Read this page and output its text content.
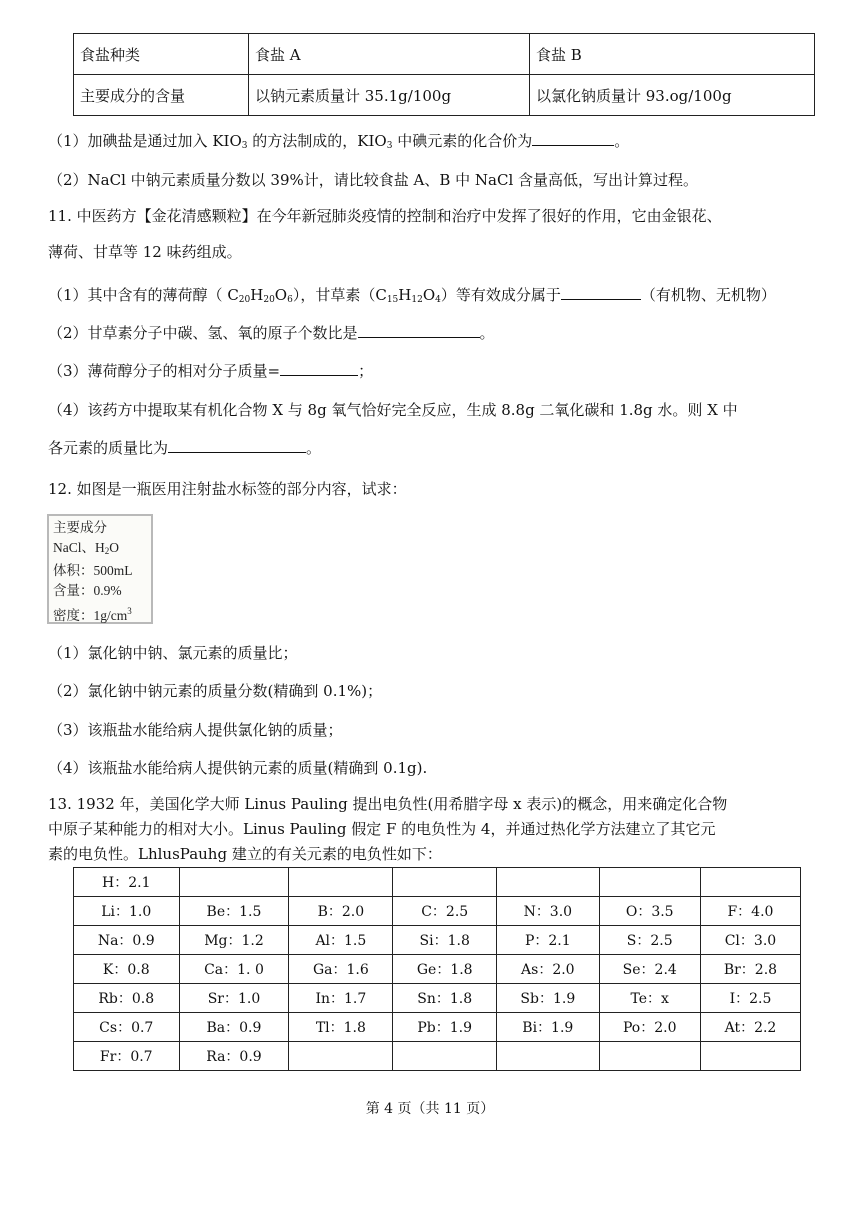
食盐种类	食盐 A	食盐 B
主要成分的含量	以钠元素质量计 35.1g/100g	以氯化钠质量计 93.og/100g
（1）加碘盐是通过加入 $KIO_3$ 的方法制成的，$KIO_3$ 中碘元素的化合价为	。
（2）NaCl 中钠元素质量分数以 39%计，请比较食盐 A、B 中 NaCl 含量高低，写出计算过程。
11. 中医药方【金花清感颗粒】在今年新冠肺炎疫情的控制和治疗中发挥了很好的作用，它由金银花、
薄荷、甘草等 12 味药组成。
（1）其中含有的薄荷醇（ $C_{20}H_{20}O_6$），甘草素$(C_{15}H_{12}O_4)$等有效成分属于	（有机物、无机物）
（2）甘草素分子中碳、氢、氧的原子个数比是	。
（3）薄荷醇分子的相对分子质量=	；
（4）该药方中提取某有机化合物 X 与 8g 氧气恰好完全反应，生成 8.8g 二氧化碳和 1.8g 水。则 X 中
各元素的质量比为	。
12. 如图是一瓶医用注射盐水标签的部分内容，试求：
主要成分
NaCl、$H_2O$
体积：500mL
含量：0.9%
密度：$1g/cm^3$
（1）氯化钠中钠、氯元素的质量比；
（2）氯化钠中钠元素的质量分数(精确到 0.1%)；
（3）该瓶盐水能给病人提供氯化钠的质量；
（4）该瓶盐水能给病人提供钠元素的质量(精确到 0.1g).
13. 1932 年，美国化学大师 Linus Pauling 提出电负性(用希腊字母 x 表示)的概念，用来确定化合物
中原子某种能力的相对大小。Linus Pauling 假定 F 的电负性为 4，并通过热化学方法建立了其它元
素的电负性。LhlusPauhg 建立的有关元素的电负性如下：
H：2.1						
Li：1.0	Be：1.5	B：2.0	C：2.5	N：3.0	O：3.5	F：4.0
Na：0.9	Mg：1.2	Al：1.5	Si：1.8	P：2.1	S：2.5	Cl：3.0
K：0.8	Ca：1. 0	Ga：1.6	Ge：1.8	As：2.0	Se：2.4	Br：2.8
Rb：0.8	Sr：1.0	In：1.7	Sn：1.8	Sb：1.9	Te：x	I：2.5
Cs：0.7	Ba：0.9	Tl：1.8	Pb：1.9	Bi：1.9	Po：2.0	At：2.2
Fr：0.7	Ra：0.9					
第 4 页（共 11 页）
